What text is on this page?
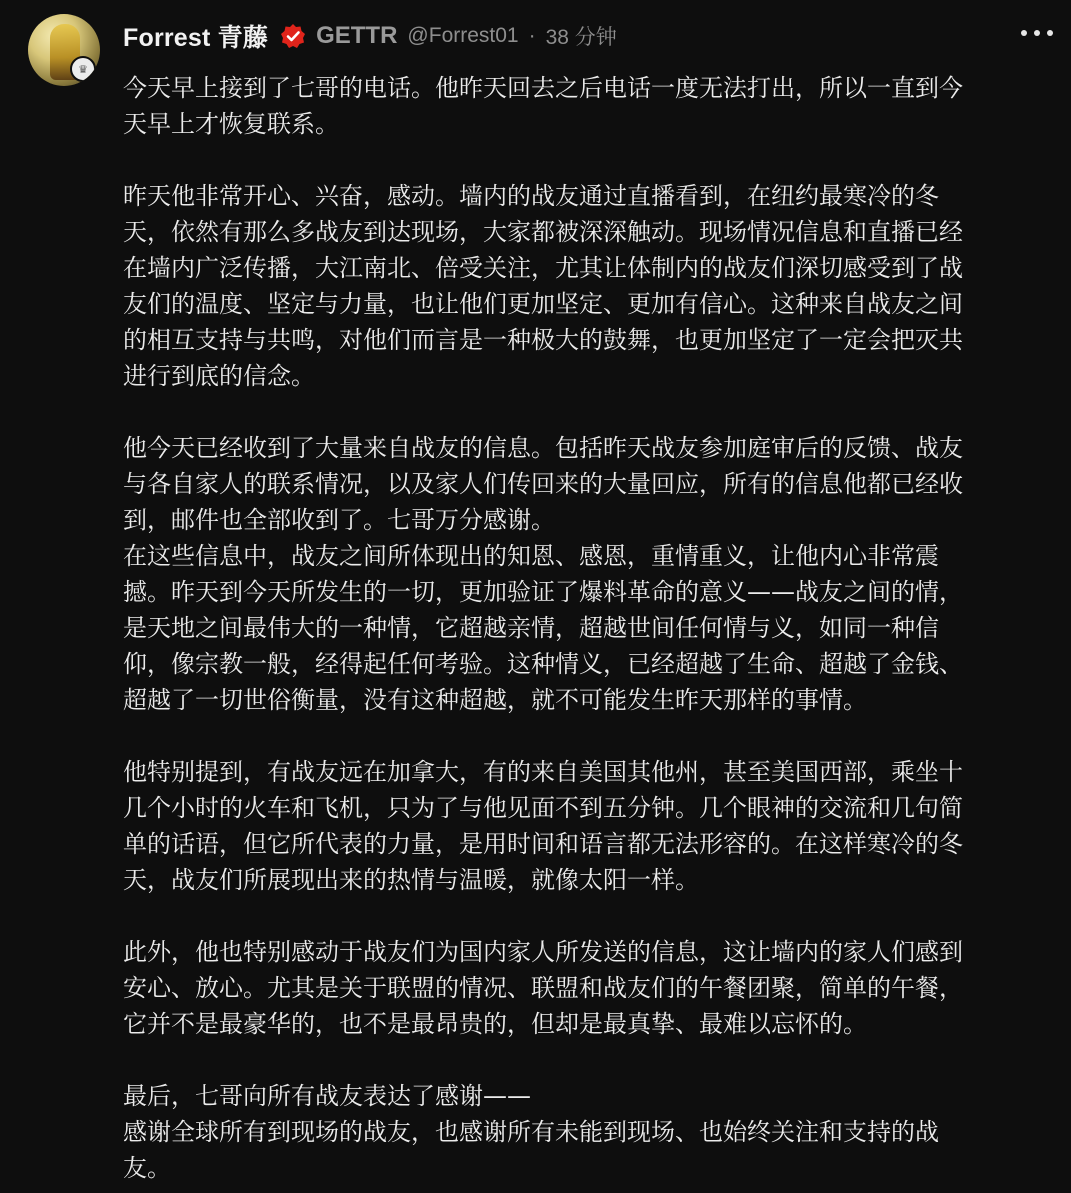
♛
Forrest 青藤 GETTR @Forrest01 · 38 分钟

今天早上接到了七哥的电话。他昨天回去之后电话一度无法打出，所以一直到今
天早上才恢复联系。

昨天他非常开心、兴奋，感动。墙内的战友通过直播看到，在纽约最寒冷的冬
天，依然有那么多战友到达现场，大家都被深深触动。现场情况信息和直播已经
在墙内广泛传播，大江南北、倍受关注，尤其让体制内的战友们深切感受到了战
友们的温度、坚定与力量，也让他们更加坚定、更加有信心。这种来自战友之间
的相互支持与共鸣，对他们而言是一种极大的鼓舞，也更加坚定了一定会把灭共
进行到底的信念。

他今天已经收到了大量来自战友的信息。包括昨天战友参加庭审后的反馈、战友
与各自家人的联系情况，以及家人们传回来的大量回应，所有的信息他都已经收
到，邮件也全部收到了。七哥万分感谢。
在这些信息中，战友之间所体现出的知恩、感恩，重情重义，让他内心非常震
撼。昨天到今天所发生的一切，更加验证了爆料革命的意义——战友之间的情，
是天地之间最伟大的一种情，它超越亲情，超越世间任何情与义，如同一种信
仰，像宗教一般，经得起任何考验。这种情义，已经超越了生命、超越了金钱、
超越了一切世俗衡量，没有这种超越，就不可能发生昨天那样的事情。

他特别提到，有战友远在加拿大，有的来自美国其他州，甚至美国西部，乘坐十
几个小时的火车和飞机，只为了与他见面不到五分钟。几个眼神的交流和几句简
单的话语，但它所代表的力量，是用时间和语言都无法形容的。在这样寒冷的冬
天，战友们所展现出来的热情与温暖，就像太阳一样。

此外，他也特别感动于战友们为国内家人所发送的信息，这让墙内的家人们感到
安心、放心。尤其是关于联盟的情况、联盟和战友们的午餐团聚，简单的午餐，
它并不是最豪华的，也不是最昂贵的，但却是最真挚、最难以忘怀的。

最后，七哥向所有战友表达了感谢——
感谢全球所有到现场的战友，也感谢所有未能到现场、也始终关注和支持的战
友。
